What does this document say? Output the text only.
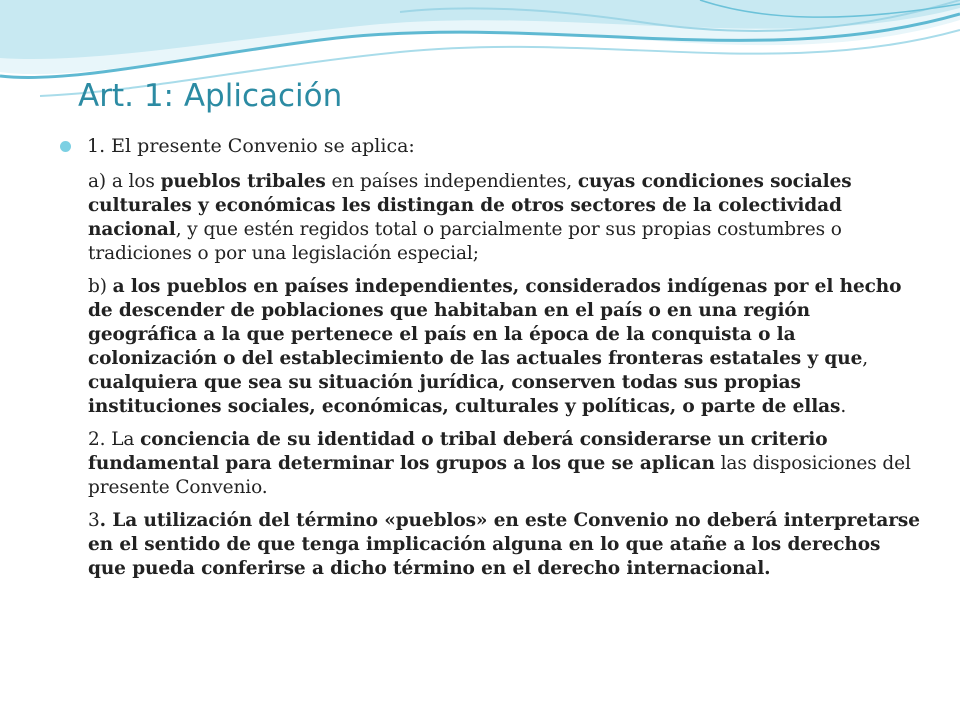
Art. 1: Aplicación
1. El presente Convenio se aplica:

a) a los pueblos tribales en países independientes, cuyas condiciones sociales culturales y económicas les distingan de otros sectores de la colectividad nacional, y que estén regidos total o parcialmente por sus propias costumbres o tradiciones o por una legislación especial;

b) a los pueblos en países independientes, considerados indígenas por el hecho de descender de poblaciones que habitaban en el país o en una región geográfica a la que pertenece el país en la época de la conquista o la colonización o del establecimiento de las actuales fronteras estatales y que, cualquiera que sea su situación jurídica, conserven todas sus propias instituciones sociales, económicas, culturales y políticas, o parte de ellas.

2. La conciencia de su identidad o tribal deberá considerarse un criterio fundamental para determinar los grupos a los que se aplican las disposiciones del presente Convenio.

3. La utilización del término «pueblos» en este Convenio no deberá interpretarse en el sentido de que tenga implicación alguna en lo que atañe a los derechos que pueda conferirse a dicho término en el derecho internacional.
